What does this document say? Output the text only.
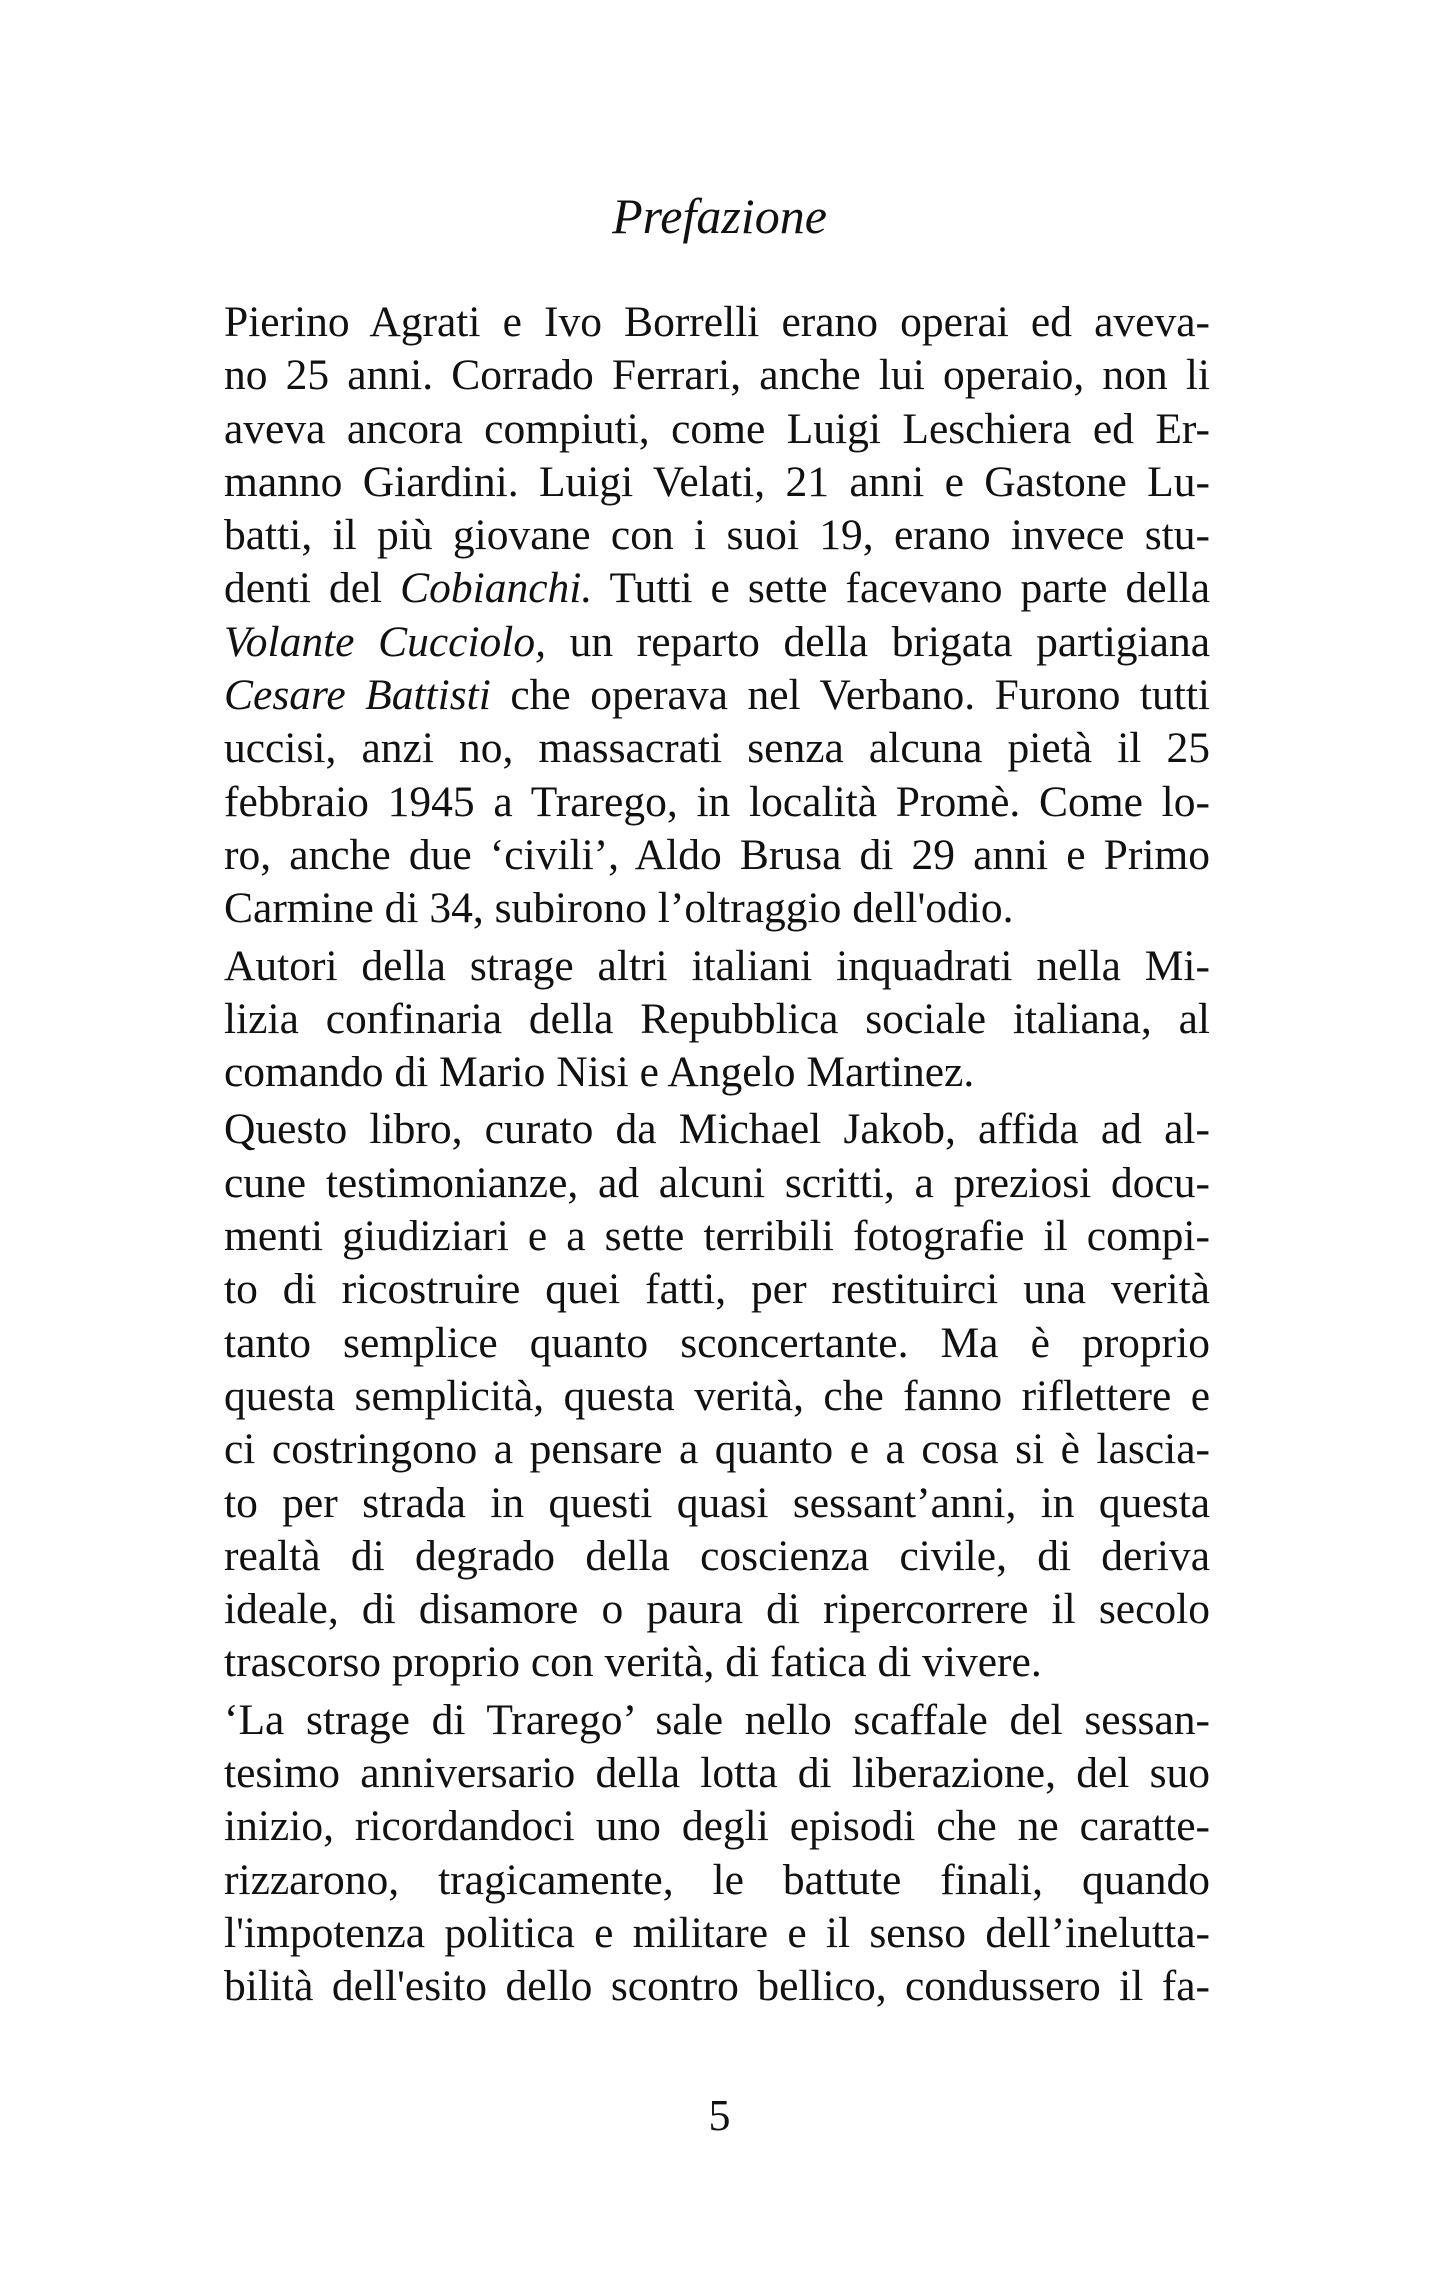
Prefazione
Pierino Agrati e Ivo Borrelli erano operai ed aveva-
no 25 anni. Corrado Ferrari, anche lui operaio, non li
aveva ancora compiuti, come Luigi Leschiera ed Er-
manno Giardini. Luigi Velati, 21 anni e Gastone Lu-
batti, il più giovane con i suoi 19, erano invece stu-
denti del Cobianchi. Tutti e sette facevano parte della
Volante Cucciolo, un reparto della brigata partigiana
Cesare Battisti che operava nel Verbano. Furono tutti
uccisi, anzi no, massacrati senza alcuna pietà il 25
febbraio 1945 a Trarego, in località Promè. Come lo-
ro, anche due ‘civili’, Aldo Brusa di 29 anni e Primo
Carmine di 34, subirono l’oltraggio dell'odio.
Autori della strage altri italiani inquadrati nella Mi-
lizia confinaria della Repubblica sociale italiana, al
comando di Mario Nisi e Angelo Martinez.
Questo libro, curato da Michael Jakob, affida ad al-
cune testimonianze, ad alcuni scritti, a preziosi docu-
menti giudiziari e a sette terribili fotografie il compi-
to di ricostruire quei fatti, per restituirci una verità
tanto semplice quanto sconcertante. Ma è proprio
questa semplicità, questa verità, che fanno riflettere e
ci costringono a pensare a quanto e a cosa si è lascia-
to per strada in questi quasi sessant’anni, in questa
realtà di degrado della coscienza civile, di deriva
ideale, di disamore o paura di ripercorrere il secolo
trascorso proprio con verità, di fatica di vivere.
‘La strage di Trarego’ sale nello scaffale del sessan-
tesimo anniversario della lotta di liberazione, del suo
inizio, ricordandoci uno degli episodi che ne caratte-
rizzarono, tragicamente, le battute finali, quando
l'impotenza politica e militare e il senso dell’inelutta-
bilità dell'esito dello scontro bellico, condussero il fa-
5
